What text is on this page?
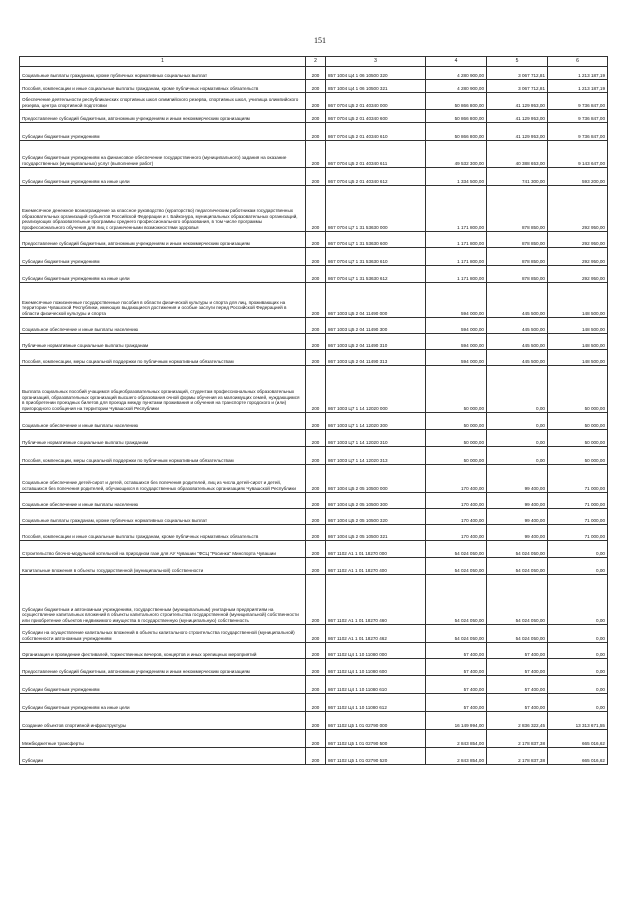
151
1	2	3	4	5	6
Социальные выплаты гражданам, кроме публичных нормативных социальных выплат	200	857 1004 Ц4 1 06 10500 320	4 280 900,00	3 067 712,81	1 213 187,19
Пособия, компенсации и иные социальные выплаты гражданам, кроме публичных нормативных обязательств	200	857 1004 Ц4 1 06 10500 321	4 280 900,00	3 067 712,81	1 213 187,19
Обеспечение деятельности республиканских спортивных школ олимпийского резерва, спортивных школ, училища олимпийского резерва, центра спортивной подготовки	200	867 0704 Ц5 2 01 40340 000	50 866 800,00	41 129 953,00	9 736 847,00
Предоставление субсидий бюджетным, автономным учреждениям и иным некоммерческим организациям	200	867 0704 Ц5 2 01 40340 600	50 866 800,00	41 129 953,00	9 736 847,00
Субсидии бюджетным учреждениям	200	867 0704 Ц5 2 01 40340 610	50 866 800,00	41 129 953,00	9 736 847,00
Субсидии бюджетным учреждениям на финансовое обеспечение государственного (муниципального) задания на оказание государственных (муниципальных) услуг (выполнение работ)	200	867 0704 Ц5 2 01 40340 611	49 532 300,00	40 388 653,00	9 143 647,00
Субсидии бюджетным учреждениям на иные цели	200	867 0704 Ц5 2 01 40340 612	1 334 500,00	741 300,00	593 200,00
Ежемесячное денежное вознаграждение за классное руководство (кураторство) педагогическим работникам государственных образовательных организаций субъектов Российской Федерации и г. Байконура, муниципальных образовательных организаций, реализующих образовательные программы среднего профессионального образования, в том числе программы профессионального обучения для лиц с ограниченными возможностями здоровья	200	867 0704 Ц7 1 31 53630 000	1 171 800,00	878 850,00	292 950,00
Предоставление субсидий бюджетным, автономным учреждениям и иным некоммерческим организациям	200	867 0704 Ц7 1 31 53630 600	1 171 800,00	878 850,00	292 950,00
Субсидии бюджетным учреждениям	200	867 0704 Ц7 1 31 53630 610	1 171 800,00	878 850,00	292 950,00
Субсидии бюджетным учреждениям на иные цели	200	867 0704 Ц7 1 31 53630 612	1 171 800,00	878 850,00	292 950,00
Ежемесячные пожизненные государственные пособия в области физической культуры и спорта для лиц, проживающих на территории Чувашской Республики, имеющих выдающиеся достижения и особые заслуги перед Российской Федерацией в области физической культуры и спорта	200	867 1003 Ц5 2 04 11490 000	594 000,00	445 500,00	148 500,00
Социальное обеспечение и иные выплаты населению	200	867 1003 Ц5 2 04 11490 300	594 000,00	445 500,00	148 500,00
Публичные нормативные социальные выплаты гражданам	200	867 1003 Ц5 2 04 11490 310	594 000,00	445 500,00	148 500,00
Пособия, компенсации, меры социальной поддержки по публичным нормативным обязательствам	200	867 1003 Ц5 2 04 11490 313	594 000,00	445 500,00	148 500,00
Выплата социальных пособий учащимся общеобразовательных организаций, студентам профессиональных образовательных организаций, образовательных организаций высшего образования очной формы обучения из малоимущих семей, нуждающимся в приобретении проездных билетов для проезда между пунктами проживания и обучения на транспорте городского и (или) пригородного сообщения на территории Чувашской Республики	200	867 1003 Ц7 1 14 12020 000	50 000,00	0,00	50 000,00
Социальное обеспечение и иные выплаты населению	200	867 1003 Ц7 1 14 12020 300	50 000,00	0,00	50 000,00
Публичные нормативные социальные выплаты гражданам	200	867 1003 Ц7 1 14 12020 310	50 000,00	0,00	50 000,00
Пособия, компенсации, меры социальной поддержки по публичным нормативным обязательствам	200	867 1003 Ц7 1 14 12020 313	50 000,00	0,00	50 000,00
Социальное обеспечение детей-сирот и детей, оставшихся без попечения родителей, лиц из числа детей-сирот и детей, оставшихся без попечения родителей, обучающихся в государственных образовательных организациях Чувашской Республики	200	867 1004 Ц5 2 05 10500 000	170 400,00	99 400,00	71 000,00
Социальное обеспечение и иные выплаты населению	200	867 1004 Ц5 2 05 10500 300	170 400,00	99 400,00	71 000,00
Социальные выплаты гражданам, кроме публичных нормативных социальных выплат	200	867 1004 Ц5 2 05 10500 320	170 400,00	99 400,00	71 000,00
Пособия, компенсации и иные социальные выплаты гражданам, кроме публичных нормативных обязательств	200	867 1004 Ц5 2 05 10500 321	170 400,00	99 400,00	71 000,00
Строительство блочно-модульной котельной на природном газе для АУ Чувашии "ФСЦ "Росинка" Минспорта Чувашии	200	867 1102 А1 1 01 18270 000	54 024 050,00	54 024 050,00	0,00
Капитальные вложения в объекты государственной (муниципальной) собственности	200	867 1102 А1 1 01 18270 400	54 024 050,00	54 024 050,00	0,00
Субсидии бюджетным и автономным учреждениям, государственным (муниципальным) унитарным предприятиям на осуществление капитальных вложений в объекты капитального строительства государственной (муниципальной) собственности или приобретение объектов недвижимого имущества в государственную (муниципальную) собственность	200	867 1102 А1 1 01 18270 460	54 024 050,00	54 024 050,00	0,00
Субсидии на осуществление капитальных вложений в объекты капитального строительства государственной (муниципальной) собственности автономным учреждениям	200	867 1102 А1 1 01 18270 462	54 024 050,00	54 024 050,00	0,00
Организация и проведение фестивалей, торжественных вечеров, концертов и иных зрелищных мероприятий	200	867 1102 Ц4 1 10 11080 000	57 400,00	57 400,00	0,00
Предоставление субсидий бюджетным, автономным учреждениям и иным некоммерческим организациям	200	867 1102 Ц4 1 10 11080 600	57 400,00	57 400,00	0,00
Субсидии бюджетным учреждениям	200	867 1102 Ц4 1 10 11080 610	57 400,00	57 400,00	0,00
Субсидии бюджетным учреждениям на иные цели	200	867 1102 Ц4 1 10 11080 612	57 400,00	57 400,00	0,00
Создание объектов спортивной инфраструктуры	200	867 1102 Ц5 1 01 02790 000	16 149 994,00	2 836 322,45	13 313 671,55
Межбюджетные трансферты	200	867 1102 Ц5 1 01 02790 500	2 843 854,00	2 178 837,38	665 016,62
Субсидии	200	867 1102 Ц5 1 01 02790 520	2 843 854,00	2 178 837,38	665 016,62
